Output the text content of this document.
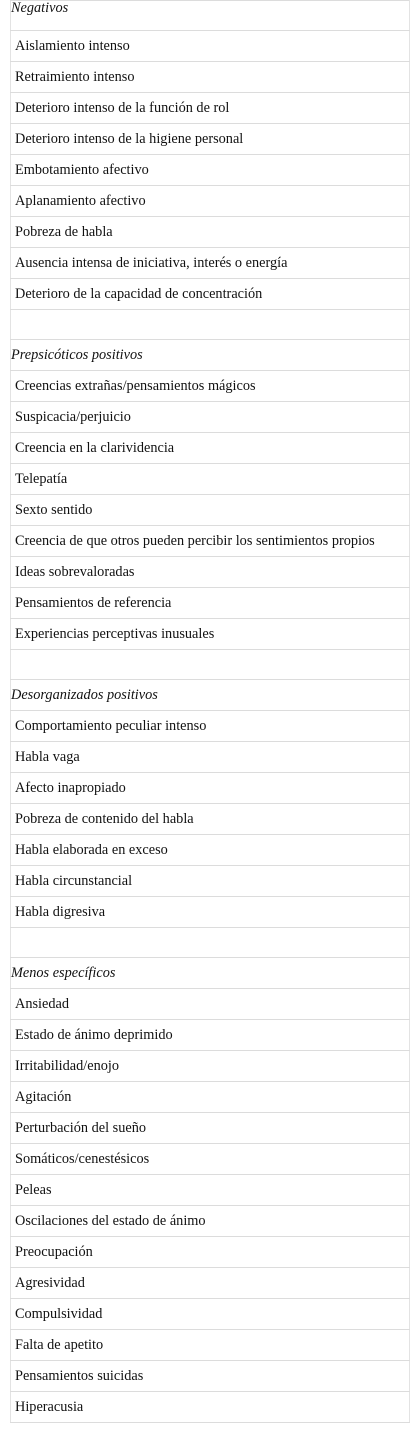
Negativos
Aislamiento intenso
Retraimiento intenso
Deterioro intenso de la función de rol
Deterioro intenso de la higiene personal
Embotamiento afectivo
Aplanamiento afectivo
Pobreza de habla
Ausencia intensa de iniciativa, interés o energía
Deterioro de la capacidad de concentración

Prepsicóticos positivos
Creencias extrañas/pensamientos mágicos
Suspicacia/perjuicio
Creencia en la clarividencia
Telepatía
Sexto sentido
Creencia de que otros pueden percibir los sentimientos propios
Ideas sobrevaloradas
Pensamientos de referencia
Experiencias perceptivas inusuales

Desorganizados positivos
Comportamiento peculiar intenso
Habla vaga
Afecto inapropiado
Pobreza de contenido del habla
Habla elaborada en exceso
Habla circunstancial
Habla digresiva

Menos específicos
Ansiedad
Estado de ánimo deprimido
Irritabilidad/enojo
Agitación
Perturbación del sueño
Somáticos/cenestésicos
Peleas
Oscilaciones del estado de ánimo
Preocupación
Agresividad
Compulsividad
Falta de apetito
Pensamientos suicidas
Hiperacusia
